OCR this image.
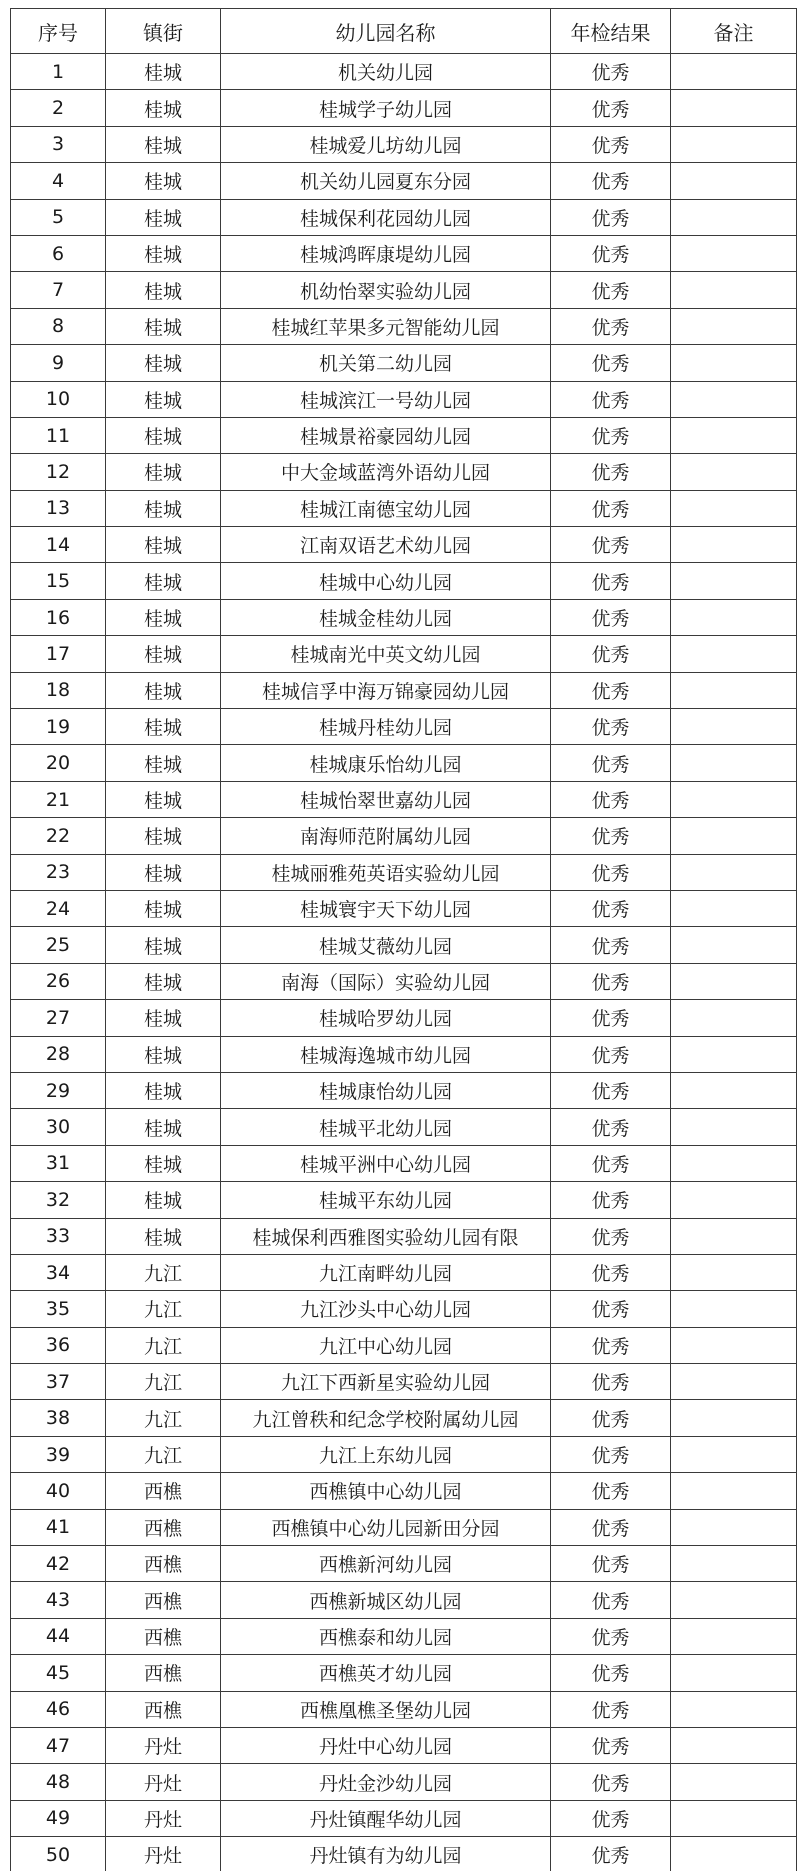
序号	镇街	幼儿园名称	年检结果	备注
1	桂城	机关幼儿园	优秀	
2	桂城	桂城学子幼儿园	优秀	
3	桂城	桂城爱儿坊幼儿园	优秀	
4	桂城	机关幼儿园夏东分园	优秀	
5	桂城	桂城保利花园幼儿园	优秀	
6	桂城	桂城鸿晖康堤幼儿园	优秀	
7	桂城	机幼怡翠实验幼儿园	优秀	
8	桂城	桂城红苹果多元智能幼儿园	优秀	
9	桂城	机关第二幼儿园	优秀	
10	桂城	桂城滨江一号幼儿园	优秀	
11	桂城	桂城景裕豪园幼儿园	优秀	
12	桂城	中大金域蓝湾外语幼儿园	优秀	
13	桂城	桂城江南德宝幼儿园	优秀	
14	桂城	江南双语艺术幼儿园	优秀	
15	桂城	桂城中心幼儿园	优秀	
16	桂城	桂城金桂幼儿园	优秀	
17	桂城	桂城南光中英文幼儿园	优秀	
18	桂城	桂城信孚中海万锦豪园幼儿园	优秀	
19	桂城	桂城丹桂幼儿园	优秀	
20	桂城	桂城康乐怡幼儿园	优秀	
21	桂城	桂城怡翠世嘉幼儿园	优秀	
22	桂城	南海师范附属幼儿园	优秀	
23	桂城	桂城丽雅苑英语实验幼儿园	优秀	
24	桂城	桂城寰宇天下幼儿园	优秀	
25	桂城	桂城艾薇幼儿园	优秀	
26	桂城	南海（国际）实验幼儿园	优秀	
27	桂城	桂城哈罗幼儿园	优秀	
28	桂城	桂城海逸城市幼儿园	优秀	
29	桂城	桂城康怡幼儿园	优秀	
30	桂城	桂城平北幼儿园	优秀	
31	桂城	桂城平洲中心幼儿园	优秀	
32	桂城	桂城平东幼儿园	优秀	
33	桂城	桂城保利西雅图实验幼儿园有限	优秀	
34	九江	九江南畔幼儿园	优秀	
35	九江	九江沙头中心幼儿园	优秀	
36	九江	九江中心幼儿园	优秀	
37	九江	九江下西新星实验幼儿园	优秀	
38	九江	九江曾秩和纪念学校附属幼儿园	优秀	
39	九江	九江上东幼儿园	优秀	
40	西樵	西樵镇中心幼儿园	优秀	
41	西樵	西樵镇中心幼儿园新田分园	优秀	
42	西樵	西樵新河幼儿园	优秀	
43	西樵	西樵新城区幼儿园	优秀	
44	西樵	西樵泰和幼儿园	优秀	
45	西樵	西樵英才幼儿园	优秀	
46	西樵	西樵凰樵圣堡幼儿园	优秀	
47	丹灶	丹灶中心幼儿园	优秀	
48	丹灶	丹灶金沙幼儿园	优秀	
49	丹灶	丹灶镇醒华幼儿园	优秀	
50	丹灶	丹灶镇有为幼儿园	优秀	
